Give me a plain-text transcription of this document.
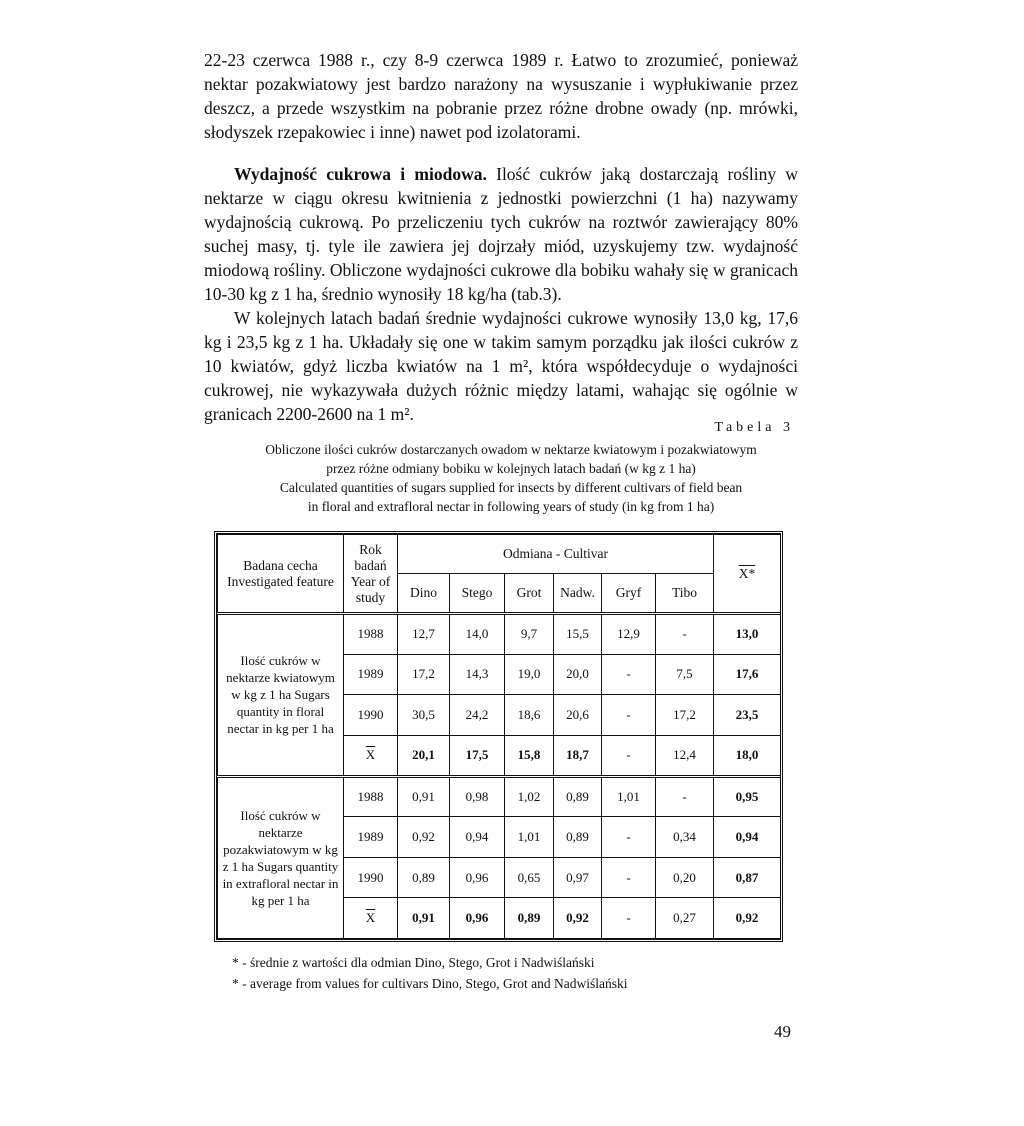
22-23 czerwca 1988 r., czy 8-9 czerwca 1989 r. Łatwo to zrozumieć, ponieważ nektar pozakwiatowy jest bardzo narażony na wysuszanie i wypłukiwanie przez deszcz, a przede wszystkim na pobranie przez różne drobne owady (np. mrówki, słodyszek rzepakowiec i inne) nawet pod izolatorami.

Wydajność cukrowa i miodowa. Ilość cukrów jaką dostarczają rośliny w nektarze w ciągu okresu kwitnienia z jednostki powierzchni (1 ha) nazywamy wydajnością cukrową. Po przeliczeniu tych cukrów na roztwór zawierający 80% suchej masy, tj. tyle ile zawiera jej dojrzały miód, uzyskujemy tzw. wydajność miodową rośliny. Obliczone wydajności cukrowe dla bobiku wahały się w granicach 10-30 kg z 1 ha, średnio wynosiły 18 kg/ha (tab.3).

W kolejnych latach badań średnie wydajności cukrowe wynosiły 13,0 kg, 17,6 kg i 23,5 kg z 1 ha. Układały się one w takim samym porządku jak ilości cukrów z 10 kwiatów, gdyż liczba kwiatów na 1 m², która współdecyduje o wydajności cukrowej, nie wykazywała dużych różnic między latami, wahając się ogólnie w granicach 2200-2600 na 1 m².

Tabela 3
Obliczone ilości cukrów dostarczanych owadom w nektarze kwiatowym i pozakwiatowym
przez różne odmiany bobiku w kolejnych latach badań (w kg z 1 ha)
Calculated quantities of sugars supplied for insects by different cultivars of field bean
in floral and extrafloral nectar in following years of study (in kg from 1 ha)
Badana cecha Investigated feature	Rok badań Year of study	Odmiana - Cultivar						X*
		Dino	Stego	Grot	Nadw.	Gryf	Tibo	
Ilość cukrów w nektarze kwiatowym w kg z 1 ha Sugars quantity in floral nectar in kg per 1 ha	1988	12,7	14,0	9,7	15,5	12,9	-	13,0
	1989	17,2	14,3	19,0	20,0	-	7,5	17,6
	1990	30,5	24,2	18,6	20,6	-	17,2	23,5
	$\overline{X}$	20,1	17,5	15,8	18,7	-	12,4	18,0
Ilość cukrów w nektarze pozakwiatowym w kg z 1 ha Sugars quantity in extrafloral nectar in kg per 1 ha	1988	0,91	0,98	1,02	0,89	1,01	-	0,95
	1989	0,92	0,94	1,01	0,89	-	0,34	0,94
	1990	0,89	0,96	0,65	0,97	-	0,20	0,87
	$\overline{X}$	0,91	0,96	0,89	0,92	-	0,27	0,92
* - średnie z wartości dla odmian Dino, Stego, Grot i Nadwiślański
* - average from values for cultivars Dino, Stego, Grot and Nadwiślański
49
